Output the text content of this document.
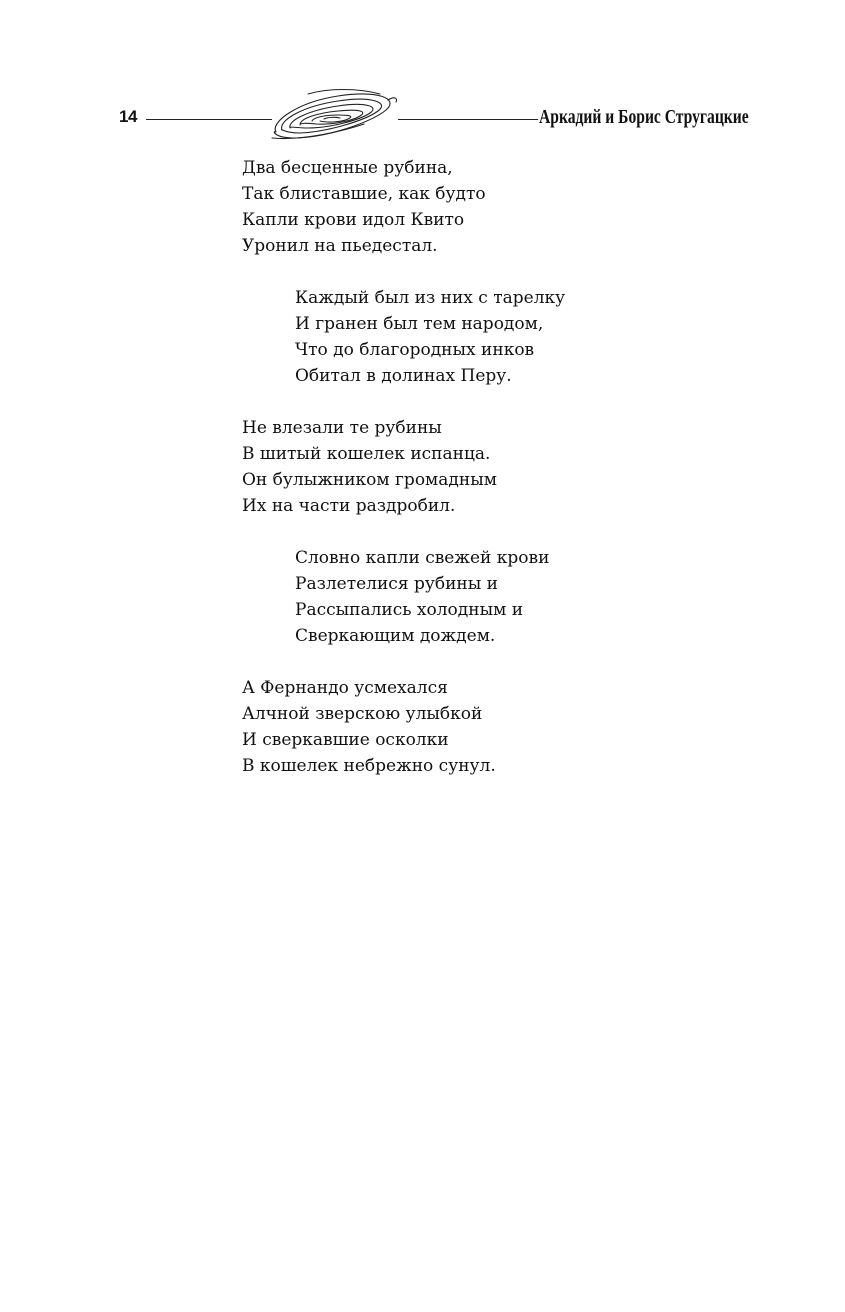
14	Аркадий и Борис Стругацкие
Два бесценные рубина,
Так блиставшие, как будто
Капли крови идол Квито
Уронил на пьедестал.
Каждый был из них с тарелку
И гранен был тем народом,
Что до благородных инков
Обитал в долинах Перу.
Не влезали те рубины
В шитый кошелек испанца.
Он булыжником громадным
Их на части раздробил.
Словно капли свежей крови
Разлетелися рубины и
Рассыпались холодным и
Сверкающим дождем.
А Фернандо усмехался
Алчной зверскою улыбкой
И сверкавшие осколки
В кошелек небрежно сунул.
